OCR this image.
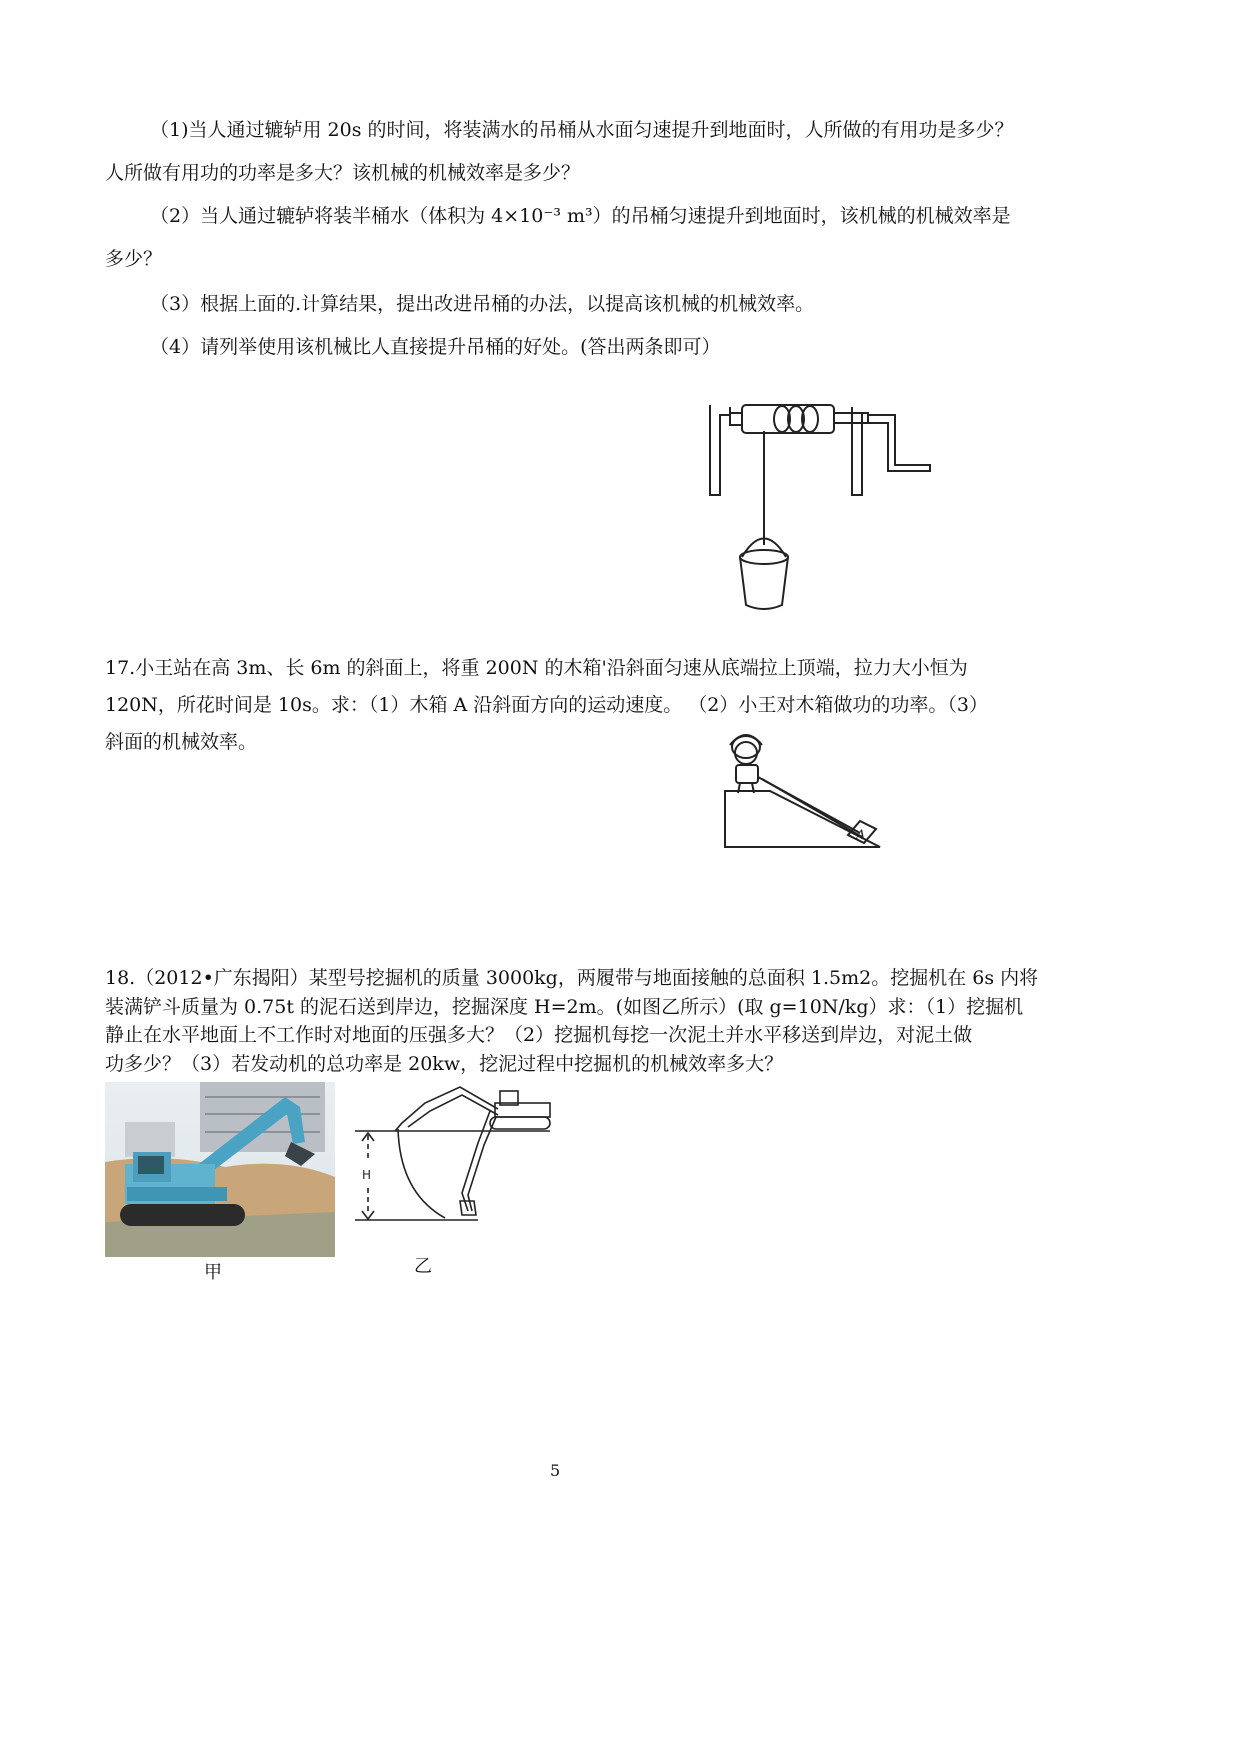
（1)当人通过辘轳用 20s 的时间，将装满水的吊桶从水面匀速提升到地面时，人所做的有用功是多少？

人所做有用功的功率是多大？该机械的机械效率是多少？

（2）当人通过辘轳将装半桶水（体积为 4×10⁻³ m³）的吊桶匀速提升到地面时，该机械的机械效率是

多少？

（3）根据上面的.计算结果，提出改进吊桶的办法，以提高该机械的机械效率。

（4）请列举使用该机械比人直接提升吊桶的好处。(答出两条即可）

17.小王站在高 3m、长 6m 的斜面上，将重 200N 的木箱'沿斜面匀速从底端拉上顶端，拉力大小恒为

120N，所花时间是 10s。求：（1）木箱 A 沿斜面方向的运动速度。 （2）小王对木箱做功的功率。（3）

斜面的机械效率。

A

18.（2012•广东揭阳）某型号挖掘机的质量 3000kg，两履带与地面接触的总面积 1.5m2。挖掘机在 6s 内将

装满铲斗质量为 0.75t 的泥石送到岸边，挖掘深度 H=2m。(如图乙所示）(取 g=10N/kg）求：（1）挖掘机

静止在水平地面上不工作时对地面的压强多大？（2）挖掘机每挖一次泥土并水平移送到岸边，对泥土做

功多少？（3）若发动机的总功率是 20kw，挖泥过程中挖掘机的机械效率多大？

甲
H
乙
5
